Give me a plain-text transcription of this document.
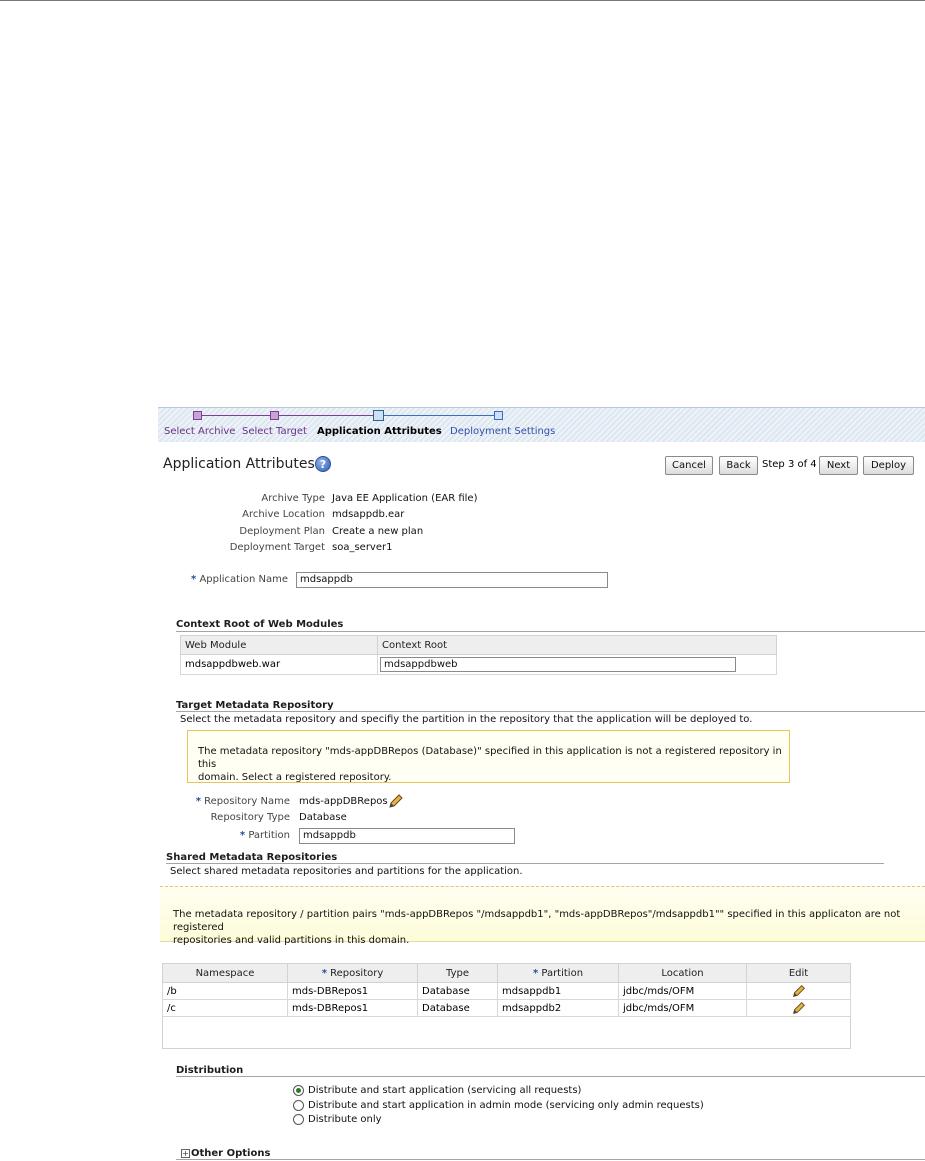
Select Archive Select Target Application Attributes Deployment Settings
Application Attributes ?	Cancel	Back	Step 3 of 4	Next	Deploy
Archive Type Java EE Application (EAR file)
Archive Location mdsappdb.ear
Deployment Plan Create a new plan
Deployment Target soa_server1
* Application Name	mdsappdb
Context Root of Web Modules
Web Module	Context Root
mdsappdbweb.war	mdsappdbweb
Target Metadata Repository
Select the metadata repository and specifiy the partition in the repository that the application will be deployed to.
The metadata repository "mds-appDBRepos (Database)" specified in this application is not a registered repository in this
domain. Select a registered repository.
* Repository Name mds-appDBRepos
Repository Type Database
* Partition	mdsappdb
Shared Metadata Repositories
Select shared metadata repositories and partitions for the application.
The metadata repository / partition pairs "mds-appDBRepos "/mdsappdb1", "mds-appDBRepos"/mdsappdb1"" specified in this applicaton are not registered
repositories and valid partitions in this domain.
Namespace	* Repository	Type	* Partition	Location	Edit
/b	mds-DBRepos1	Database	mdsappdb1	jdbc/mds/OFM	
/c	mds-DBRepos1	Database	mdsappdb2	jdbc/mds/OFM	
Distribution
Distribute and start application (servicing all requests)
Distribute and start application in admin mode (servicing only admin requests)
Distribute only
+ Other Options
